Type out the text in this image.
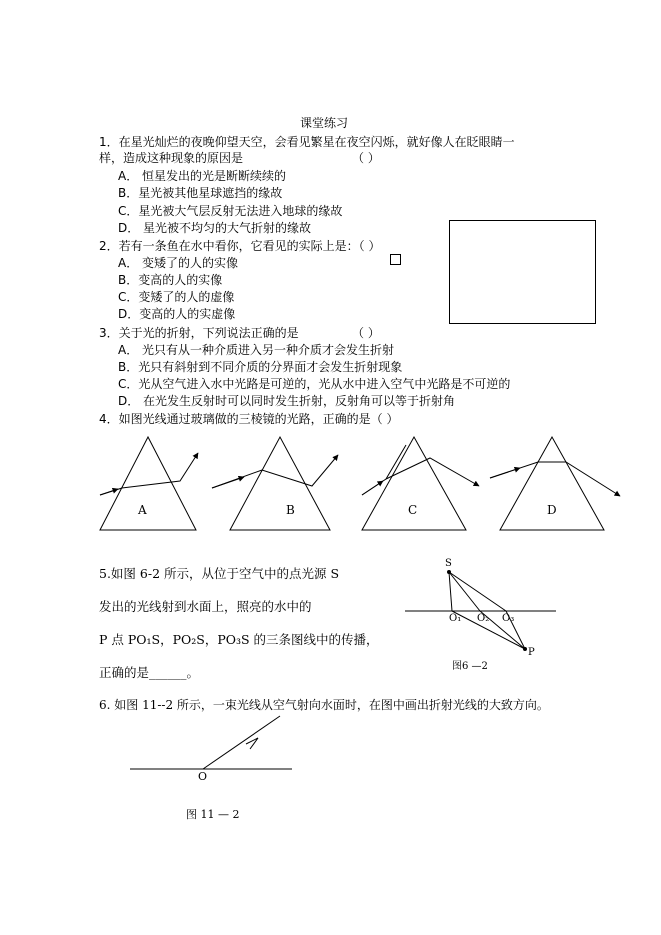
课堂练习
1．在星光灿烂的夜晚仰望天空，会看见繁星在夜空闪烁，就好像人在眨眼睛一
样，造成这种现象的原因是	（ ）
A． 恒星发出的光是断断续续的
B．星光被其他星球遮挡的缘故
C．星光被大气层反射无法进入地球的缘故
D． 星光被不均匀的大气折射的缘故
2．若有一条鱼在水中看你，它看见的实际上是：（ ）
A． 变矮了的人的实像
B．变高的人的实像
C．变矮了的人的虚像
D．变高的人的实虚像
3．关于光的折射，下列说法正确的是	（ ）
A． 光只有从一种介质进入另一种介质才会发生折射
B．光只有斜射到不同介质的分界面才会发生折射现象
C．光从空气进入水中光路是可逆的，光从水中进入空气中光路是不可逆的
D． 在光发生反射时可以同时发生折射，反射角可以等于折射角
4．如图光线通过玻璃做的三棱镜的光路，正确的是（ ）
A	B	C	D
5.如图 6-2 所示，从位于空气中的点光源 S
发出的光线射到水面上，照亮的水中的
P 点 PO₁S，PO₂S，PO₃S 的三条图线中的传播，
正确的是______。
S
P
O₁ O₂ O₃
图6 —2
6. 如图 11--2 所示，一束光线从空气射向水面时，在图中画出折射光线的大致方向。
O
图 11 — 2
